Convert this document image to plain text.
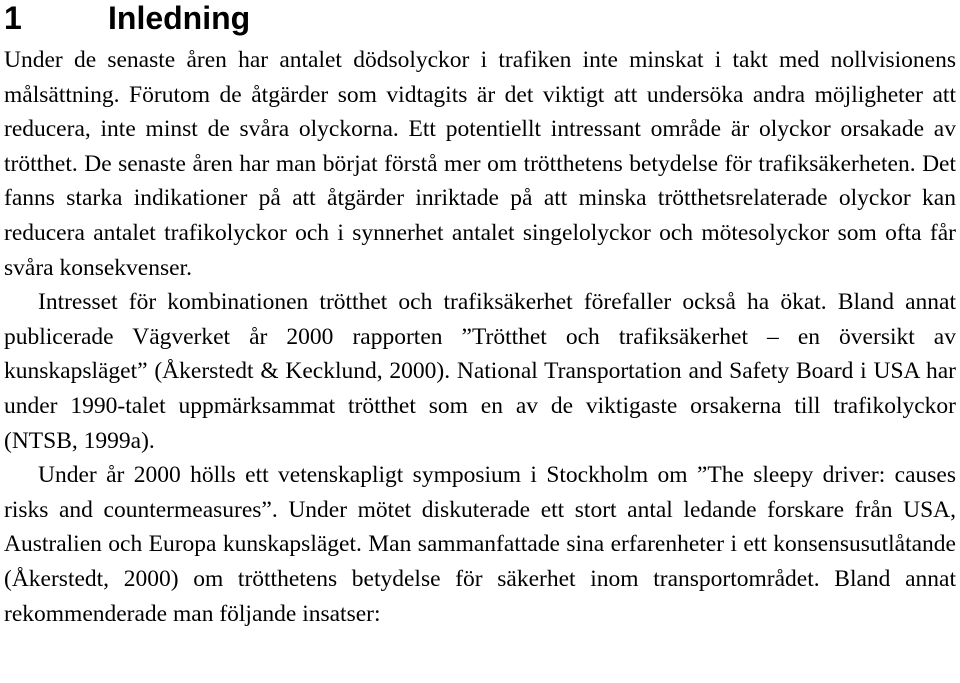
1	Inledning

Under de senaste åren har antalet dödsolyckor i trafiken inte minskat i takt med nollvisionens målsättning. Förutom de åtgärder som vidtagits är det viktigt att undersöka andra möjligheter att reducera, inte minst de svåra olyckorna. Ett potentiellt intressant område är olyckor orsakade av trötthet. De senaste åren har man börjat förstå mer om trötthetens betydelse för trafiksäkerheten. Det fanns starka indikationer på att åtgärder inriktade på att minska trötthetsrelaterade olyckor kan reducera antalet trafikolyckor och i synnerhet antalet singelolyckor och mötesolyckor som ofta får svåra konsekvenser.

Intresset för kombinationen trötthet och trafiksäkerhet förefaller också ha ökat. Bland annat publicerade Vägverket år 2000 rapporten ”Trötthet och trafiksäkerhet – en översikt av kunskapsläget” (Åkerstedt & Kecklund, 2000). National Transportation and Safety Board i USA har under 1990-talet uppmärksammat trötthet som en av de viktigaste orsakerna till trafikolyckor (NTSB, 1999a).

Under år 2000 hölls ett vetenskapligt symposium i Stockholm om ”The sleepy driver: causes risks and countermeasures”. Under mötet diskuterade ett stort antal ledande forskare från USA, Australien och Europa kunskapsläget. Man sammanfattade sina erfarenheter i ett konsensusutlåtande (Åkerstedt, 2000) om trötthetens betydelse för säkerhet inom transportområdet. Bland annat rekommenderade man följande insatser:
